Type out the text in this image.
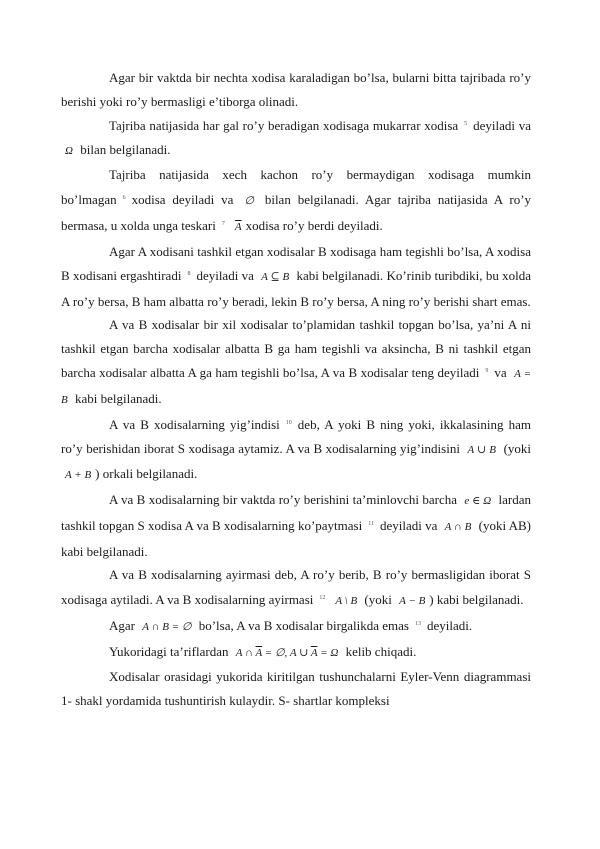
Agar bir vaktda bir nechta xodisa karaladigan bo’lsa, bularni bitta tajribada ro’y berishi yoki ro’y bermasligi e’tiborga olinadi.

Tajriba natijasida har gal ro’y beradigan xodisaga mukarrar xodisa $^5$ deyiladi va Ω bilan belgilanadi.

Tajriba natijasida xech kachon ro’y bermaydigan xodisaga mumkin bo’lmagan $^6$ xodisa deyiladi va ∅ bilan belgilanadi. Agar tajriba natijasida A ro’y bermasa, u xolda unga teskari $^7$ $\overline{A}$ xodisa ro’y berdi deyiladi.

Agar A xodisani tashkil etgan xodisalar B xodisaga ham tegishli bo’lsa, A xodisa B xodisani ergashtiradi $^8$ deyiladi va A ⊆ B kabi belgilanadi. Ko’rinib turibdiki, bu xolda A ro’y bersa, B ham albatta ro’y beradi, lekin B ro’y bersa, A ning ro’y berishi shart emas.

A va B xodisalar bir xil xodisalar to’plamidan tashkil topgan bo’lsa, ya’ni A ni tashkil etgan barcha xodisalar albatta B ga ham tegishli va aksincha, B ni tashkil etgan barcha xodisalar albatta A ga ham tegishli bo’lsa, A va B xodisalar teng deyiladi $^9$ va A = B kabi belgilanadi.

A va B xodisalarning yig’indisi $^{10}$ deb, A yoki B ning yoki, ikkalasining ham ro’y berishidan iborat S xodisaga aytamiz. A va B xodisalarning yig’indisini A ∪ B (yoki A + B ) orkali belgilanadi.

A va B xodisalarning bir vaktda ro’y berishini ta’minlovchi barcha e ∈ Ω lardan tashkil topgan S xodisa A va B xodisalarning ko’paytmasi $^{11}$ deyiladi va A ∩ B (yoki AB) kabi belgilanadi.

A va B xodisalarning ayirmasi deb, A ro’y berib, B ro’y bermasligidan iborat S xodisaga aytiladi. A va B xodisalarning ayirmasi $^{12}$ A \ B (yoki A − B ) kabi belgilanadi.

Agar A ∩ B = ∅ bo’lsa, A va B xodisalar birgalikda emas $^{13}$ deyiladi.

Yukoridagi ta’riflardan A ∩ $\overline{A}$ = ∅, A ∪ $\overline{A} = \Omega$ kelib chiqadi.

Xodisalar orasidagi yukorida kiritilgan tushunchalarni Eyler-Venn diagrammasi 1- shakl yordamida tushuntirish kulaydir. S- shartlar kompleksi
